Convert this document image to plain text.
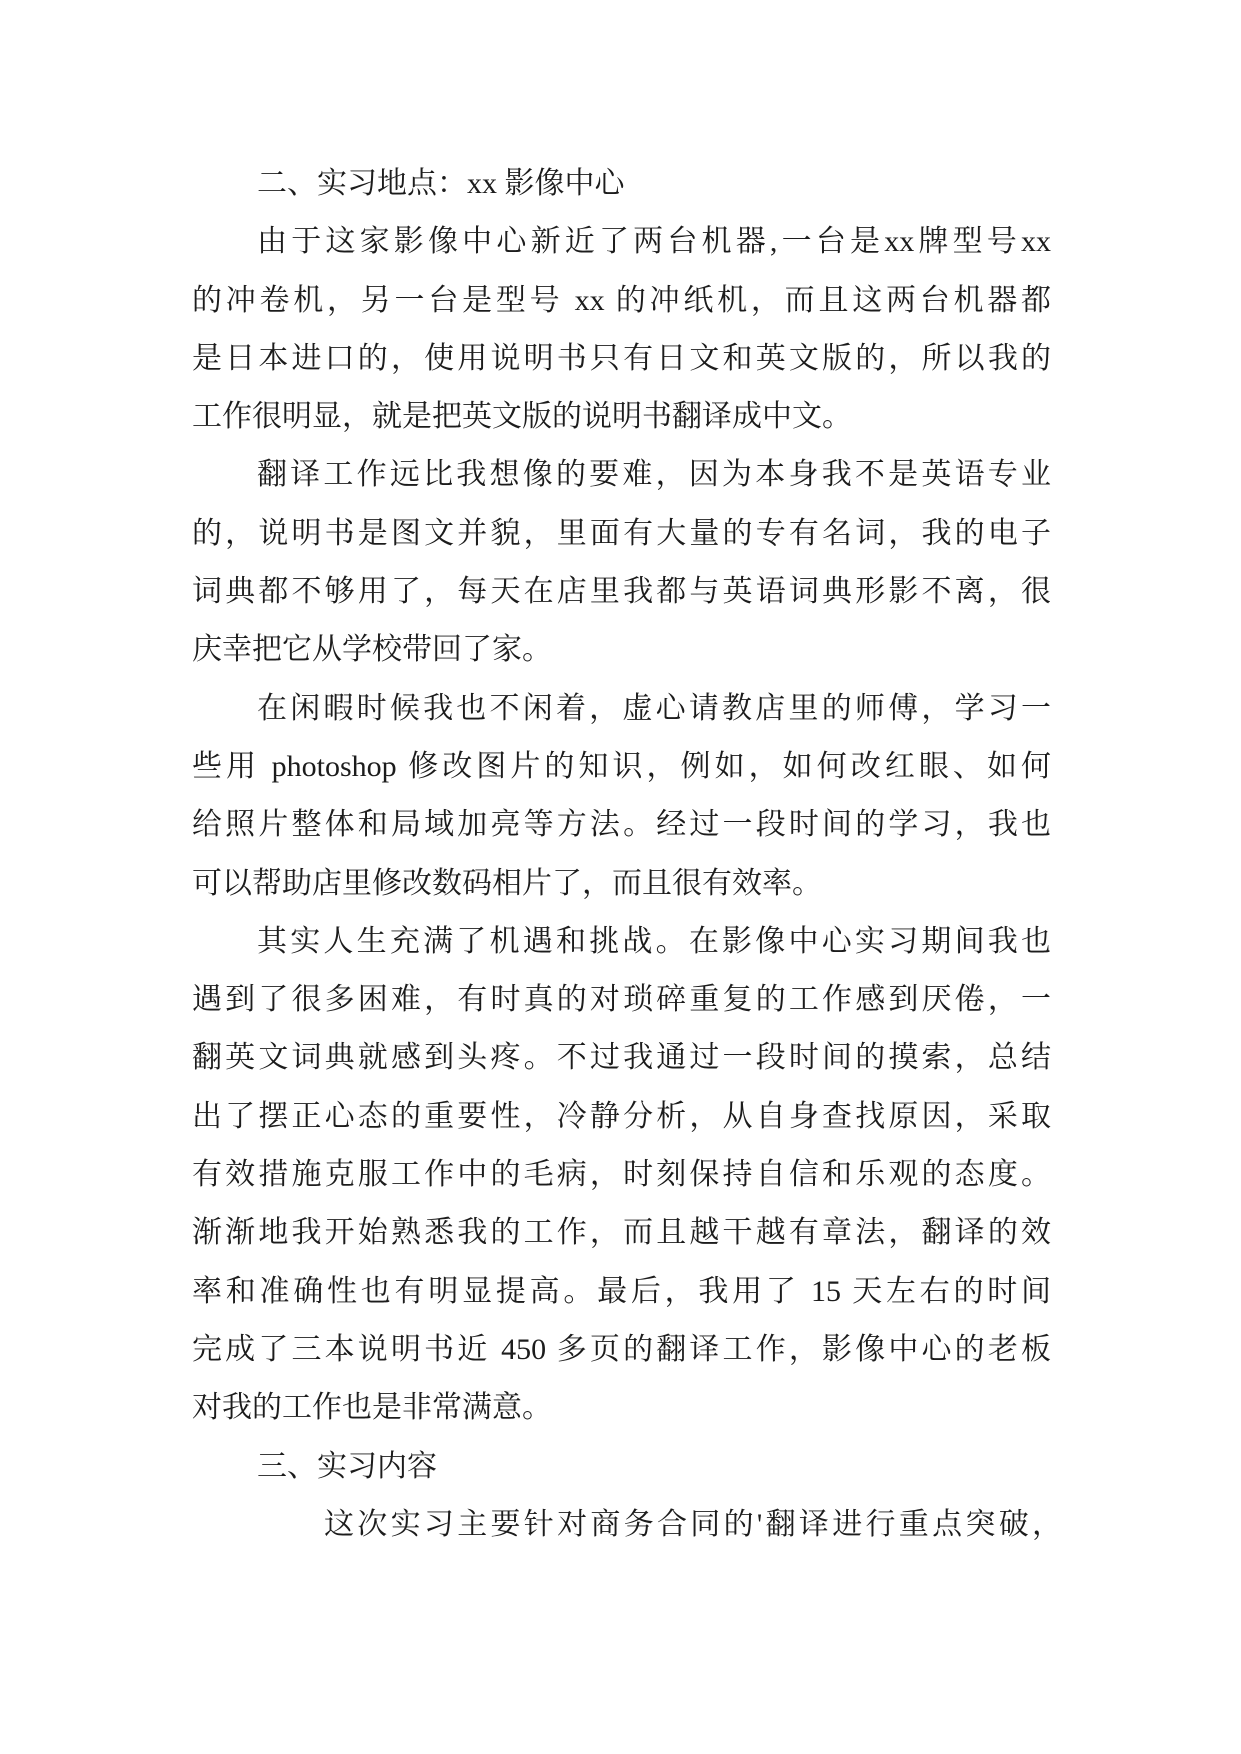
二、实习地点：xx 影像中心
由于这家影像中心新近了两台机器,一台是xx牌型号xx
的冲卷机，另一台是型号 xx 的冲纸机，而且这两台机器都
是日本进口的，使用说明书只有日文和英文版的，所以我的
工作很明显，就是把英文版的说明书翻译成中文。
翻译工作远比我想像的要难，因为本身我不是英语专业
的，说明书是图文并貌，里面有大量的专有名词，我的电子
词典都不够用了，每天在店里我都与英语词典形影不离，很
庆幸把它从学校带回了家。
在闲暇时候我也不闲着，虚心请教店里的师傅，学习一
些用 photoshop 修改图片的知识，例如，如何改红眼、如何
给照片整体和局域加亮等方法。经过一段时间的学习，我也
可以帮助店里修改数码相片了，而且很有效率。
其实人生充满了机遇和挑战。在影像中心实习期间我也
遇到了很多困难，有时真的对琐碎重复的工作感到厌倦，一
翻英文词典就感到头疼。不过我通过一段时间的摸索，总结
出了摆正心态的重要性，冷静分析，从自身查找原因，采取
有效措施克服工作中的毛病，时刻保持自信和乐观的态度。
渐渐地我开始熟悉我的工作，而且越干越有章法，翻译的效
率和准确性也有明显提高。最后，我用了 15 天左右的时间
完成了三本说明书近 450 多页的翻译工作，影像中心的老板
对我的工作也是非常满意。
三、实习内容
这次实习主要针对商务合同的'翻译进行重点突破，
